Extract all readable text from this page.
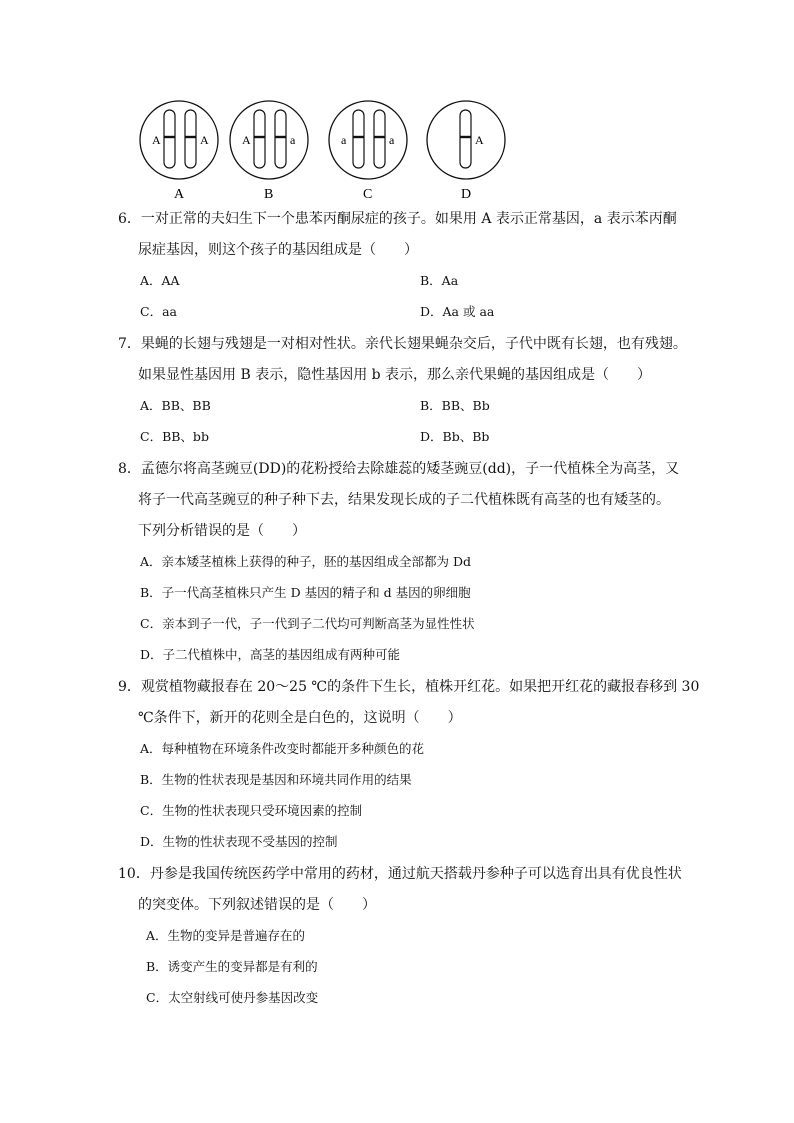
A	A
A
A	a
B
a	a
C
A
D
6．一对正常的夫妇生下一个患苯丙酮尿症的孩子。如果用 A 表示正常基因，a 表示苯丙酮
尿症基因，则这个孩子的基因组成是（　　）
A．AA	B．Aa
C．aa	D．Aa 或 aa
7．果蝇的长翅与残翅是一对相对性状。亲代长翅果蝇杂交后，子代中既有长翅，也有残翅。
如果显性基因用 B 表示，隐性基因用 b 表示，那么亲代果蝇的基因组成是（　　）
A．BB、BB	B．BB、Bb
C．BB、bb	D．Bb、Bb
8．孟德尔将高茎豌豆(DD)的花粉授给去除雄蕊的矮茎豌豆(dd)，子一代植株全为高茎，又
将子一代高茎豌豆的种子种下去，结果发现长成的子二代植株既有高茎的也有矮茎的。
下列分析错误的是（　　）
A．亲本矮茎植株上获得的种子，胚的基因组成全部都为 Dd
B．子一代高茎植株只产生 D 基因的精子和 d 基因的卵细胞
C．亲本到子一代，子一代到子二代均可判断高茎为显性性状
D．子二代植株中，高茎的基因组成有两种可能
9．观赏植物藏报春在 20～25 ℃的条件下生长，植株开红花。如果把开红花的藏报春移到 30
℃条件下，新开的花则全是白色的，这说明（　　）
A．每种植物在环境条件改变时都能开多种颜色的花
B．生物的性状表现是基因和环境共同作用的结果
C．生物的性状表现只受环境因素的控制
D．生物的性状表现不受基因的控制
10．丹参是我国传统医药学中常用的药材，通过航天搭载丹参种子可以选育出具有优良性状
的突变体。下列叙述错误的是（　　）
A．生物的变异是普遍存在的
B．诱变产生的变异都是有利的
C．太空射线可使丹参基因改变
